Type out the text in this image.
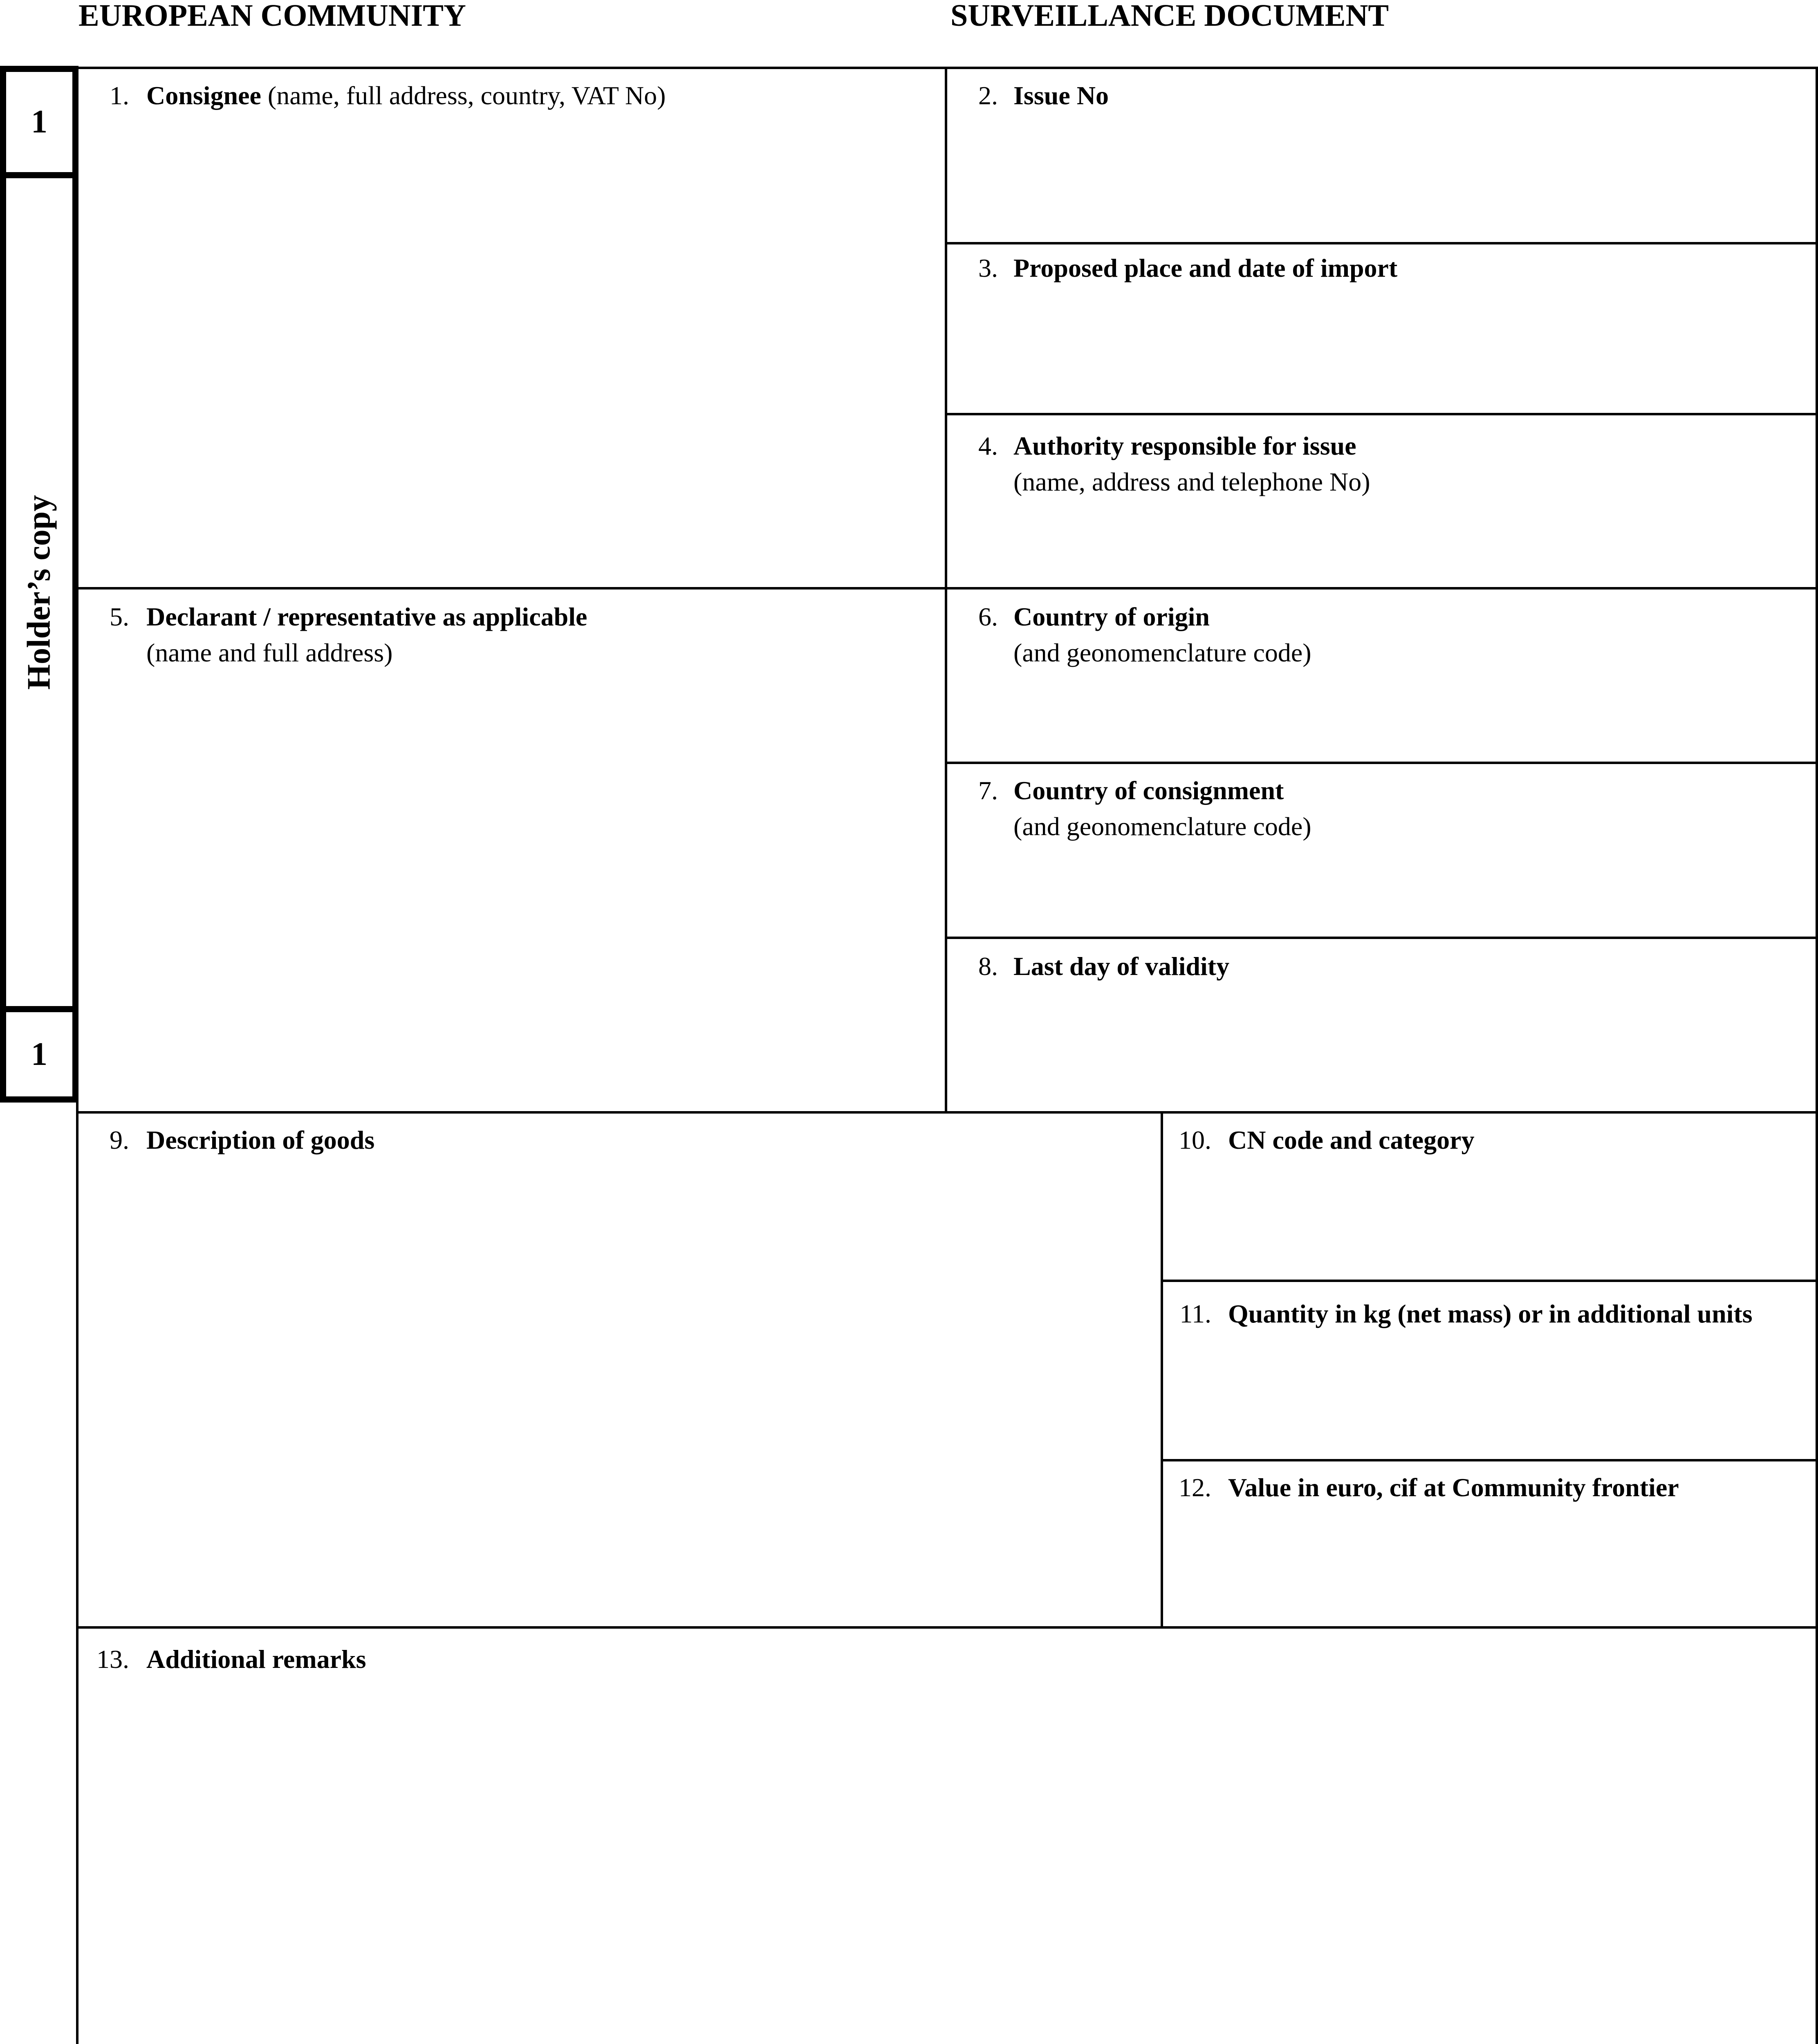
EUROPEAN COMMUNITY	SURVEILLANCE DOCUMENT
1
Holder’s copy
1
1. Consignee (name, full address, country, VAT No)	2. Issue No
3. Proposed place and date of import
4. Authority responsible for issue
(name, address and telephone No)
5. Declarant / representative as applicable
(name and full address)
6. Country of origin
(and geonomenclature code)
7. Country of consignment
(and geonomenclature code)
8. Last day of validity
9. Description of goods	10. CN code and category
11. Quantity in kg (net mass) or in additional units
12. Value in euro, cif at Community frontier
13. Additional remarks
